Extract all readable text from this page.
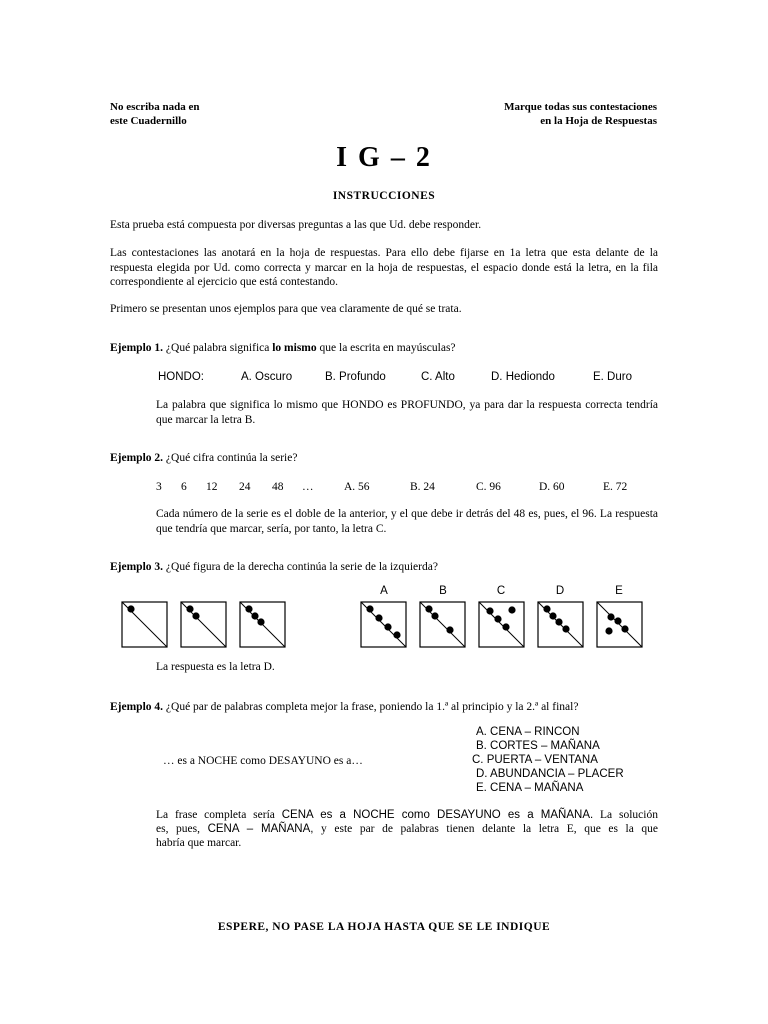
No escriba nada en
este Cuadernillo
Marque todas sus contestaciones
en la Hoja de Respuestas
I G – 2
INSTRUCCIONES
Esta prueba está compuesta por diversas preguntas a las que Ud. debe responder.
Las contestaciones las anotará en la hoja de respuestas. Para ello debe fijarse en 1a letra que esta delante de la respuesta elegida por Ud. como correcta y marcar en la hoja de respuestas, el espacio donde está la letra, en la fila correspondiente al ejercicio que está contestando.
Primero se presentan unos ejemplos para que vea claramente de qué se trata.
Ejemplo 1. ¿Qué palabra significa lo mismo que la escrita en mayúsculas?
HONDO:	A. Oscuro	B. Profundo	C. Alto	D. Hediondo	E. Duro
La palabra que significa lo mismo que HONDO es PROFUNDO, ya para dar la respuesta correcta tendría que marcar la letra B.
Ejemplo 2. ¿Qué cifra continúa la serie?
3 6 12 24 48 …	A. 56	B. 24	C. 96	D. 60	E. 72
Cada número de la serie es el doble de la anterior, y el que debe ir detrás del 48 es, pues, el 96. La respuesta que tendría que marcar, sería, por tanto, la letra C.
Ejemplo 3. ¿Qué figura de la derecha continúa la serie de la izquierda?
A	B	C	D	E
La respuesta es la letra D.
Ejemplo 4. ¿Qué par de palabras completa mejor la frase, poniendo la 1.ª al principio y la 2.ª al final?
A. CENA – RINCON
B. CORTES – MAÑANA
C. PUERTA – VENTANA
D. ABUNDANCIA – PLACER
E. CENA – MAÑANA
… es a NOCHE como DESAYUNO es a…
La frase completa sería CENA es a NOCHE como DESAYUNO es a MAÑANA. La solución
es, pues, CENA – MAÑANA, y este par de palabras tienen delante la letra E, que es la que
habría que marcar.
ESPERE, NO PASE LA HOJA HASTA QUE SE LE INDIQUE
